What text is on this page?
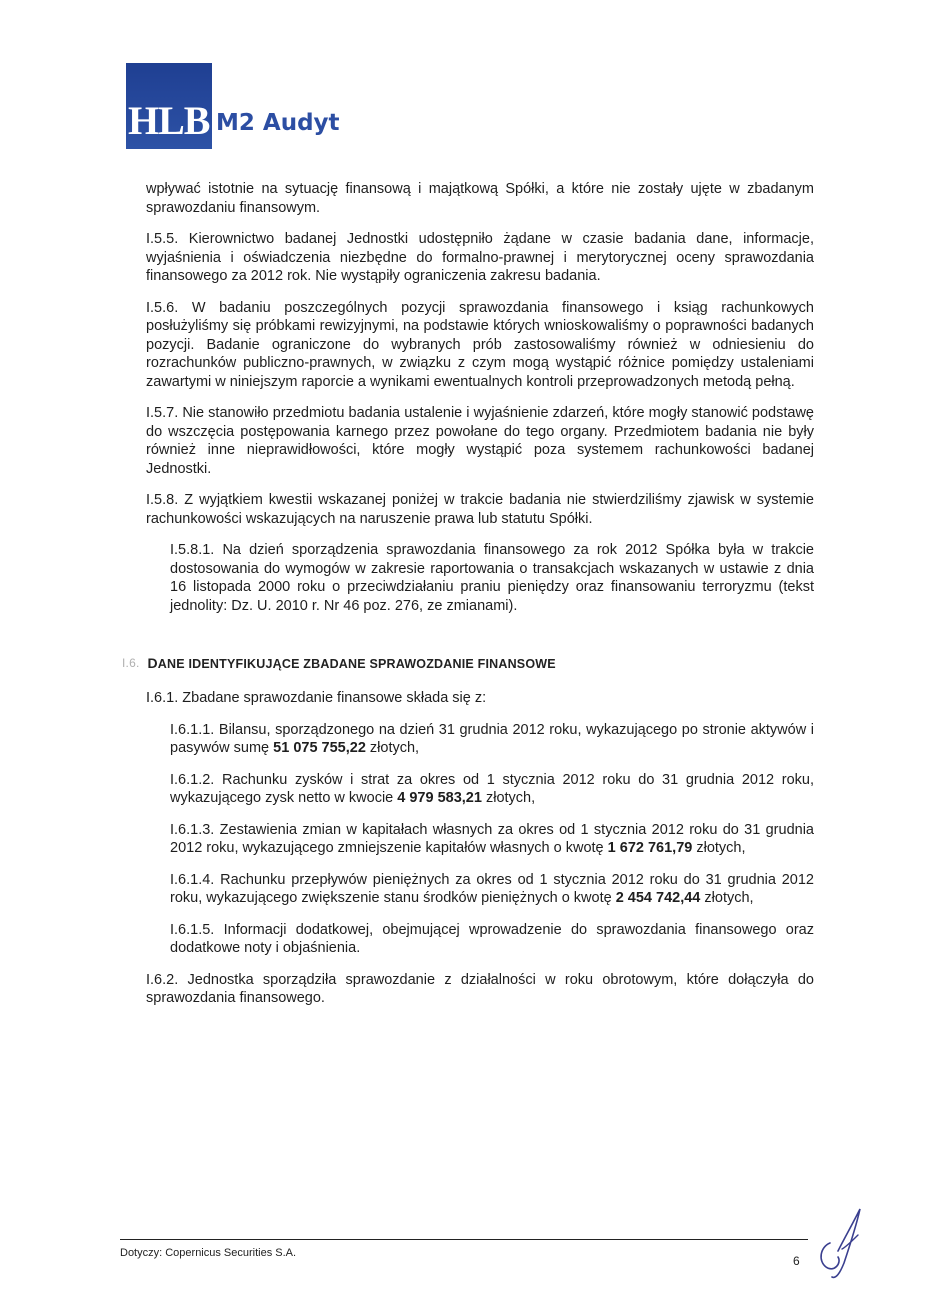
HLB M2 Audyt

wpływać istotnie na sytuację finansową i majątkową Spółki, a które nie zostały ujęte w zbadanym sprawozdaniu finansowym.

I.5.5. Kierownictwo badanej Jednostki udostępniło żądane w czasie badania dane, informacje, wyjaśnienia i oświadczenia niezbędne do formalno-prawnej i merytorycznej oceny sprawozdania finansowego za 2012 rok. Nie wystąpiły ograniczenia zakresu badania.

I.5.6. W badaniu poszczególnych pozycji sprawozdania finansowego i ksiąg rachunkowych posłużyliśmy się próbkami rewizyjnymi, na podstawie których wnioskowaliśmy o poprawności badanych pozycji. Badanie ograniczone do wybranych prób zastosowaliśmy również w odniesieniu do rozrachunków publiczno-prawnych, w związku z czym mogą wystąpić różnice pomiędzy ustaleniami zawartymi w niniejszym raporcie a wynikami ewentualnych kontroli przeprowadzonych metodą pełną.

I.5.7. Nie stanowiło przedmiotu badania ustalenie i wyjaśnienie zdarzeń, które mogły stanowić podstawę do wszczęcia postępowania karnego przez powołane do tego organy. Przedmiotem badania nie były również inne nieprawidłowości, które mogły wystąpić poza systemem rachunkowości badanej Jednostki.

I.5.8. Z wyjątkiem kwestii wskazanej poniżej w trakcie badania nie stwierdziliśmy zjawisk w systemie rachunkowości wskazujących na naruszenie prawa lub statutu Spółki.

I.5.8.1. Na dzień sporządzenia sprawozdania finansowego za rok 2012 Spółka była w trakcie dostosowania do wymogów w zakresie raportowania o transakcjach wskazanych w ustawie z dnia 16 listopada 2000 roku o przeciwdziałaniu praniu pieniędzy oraz finansowaniu terroryzmu (tekst jednolity: Dz. U. 2010 r. Nr 46 poz. 276, ze zmianami).

I.6. DANE IDENTYFIKUJĄCE ZBADANE SPRAWOZDANIE FINANSOWE

I.6.1. Zbadane sprawozdanie finansowe składa się z:

I.6.1.1. Bilansu, sporządzonego na dzień 31 grudnia 2012 roku, wykazującego po stronie aktywów i pasywów sumę 51 075 755,22 złotych,

I.6.1.2. Rachunku zysków i strat za okres od 1 stycznia 2012 roku do 31 grudnia 2012 roku, wykazującego zysk netto w kwocie 4 979 583,21 złotych,

I.6.1.3. Zestawienia zmian w kapitałach własnych za okres od 1 stycznia 2012 roku do 31 grudnia 2012 roku, wykazującego zmniejszenie kapitałów własnych o kwotę 1 672 761,79 złotych,

I.6.1.4. Rachunku przepływów pieniężnych za okres od 1 stycznia 2012 roku do 31 grudnia 2012 roku, wykazującego zwiększenie stanu środków pieniężnych o kwotę 2 454 742,44 złotych,

I.6.1.5. Informacji dodatkowej, obejmującej wprowadzenie do sprawozdania finansowego oraz dodatkowe noty i objaśnienia.

I.6.2. Jednostka sporządziła sprawozdanie z działalności w roku obrotowym, które dołączyła do sprawozdania finansowego.

Dotyczy: Copernicus Securities S.A.
6
